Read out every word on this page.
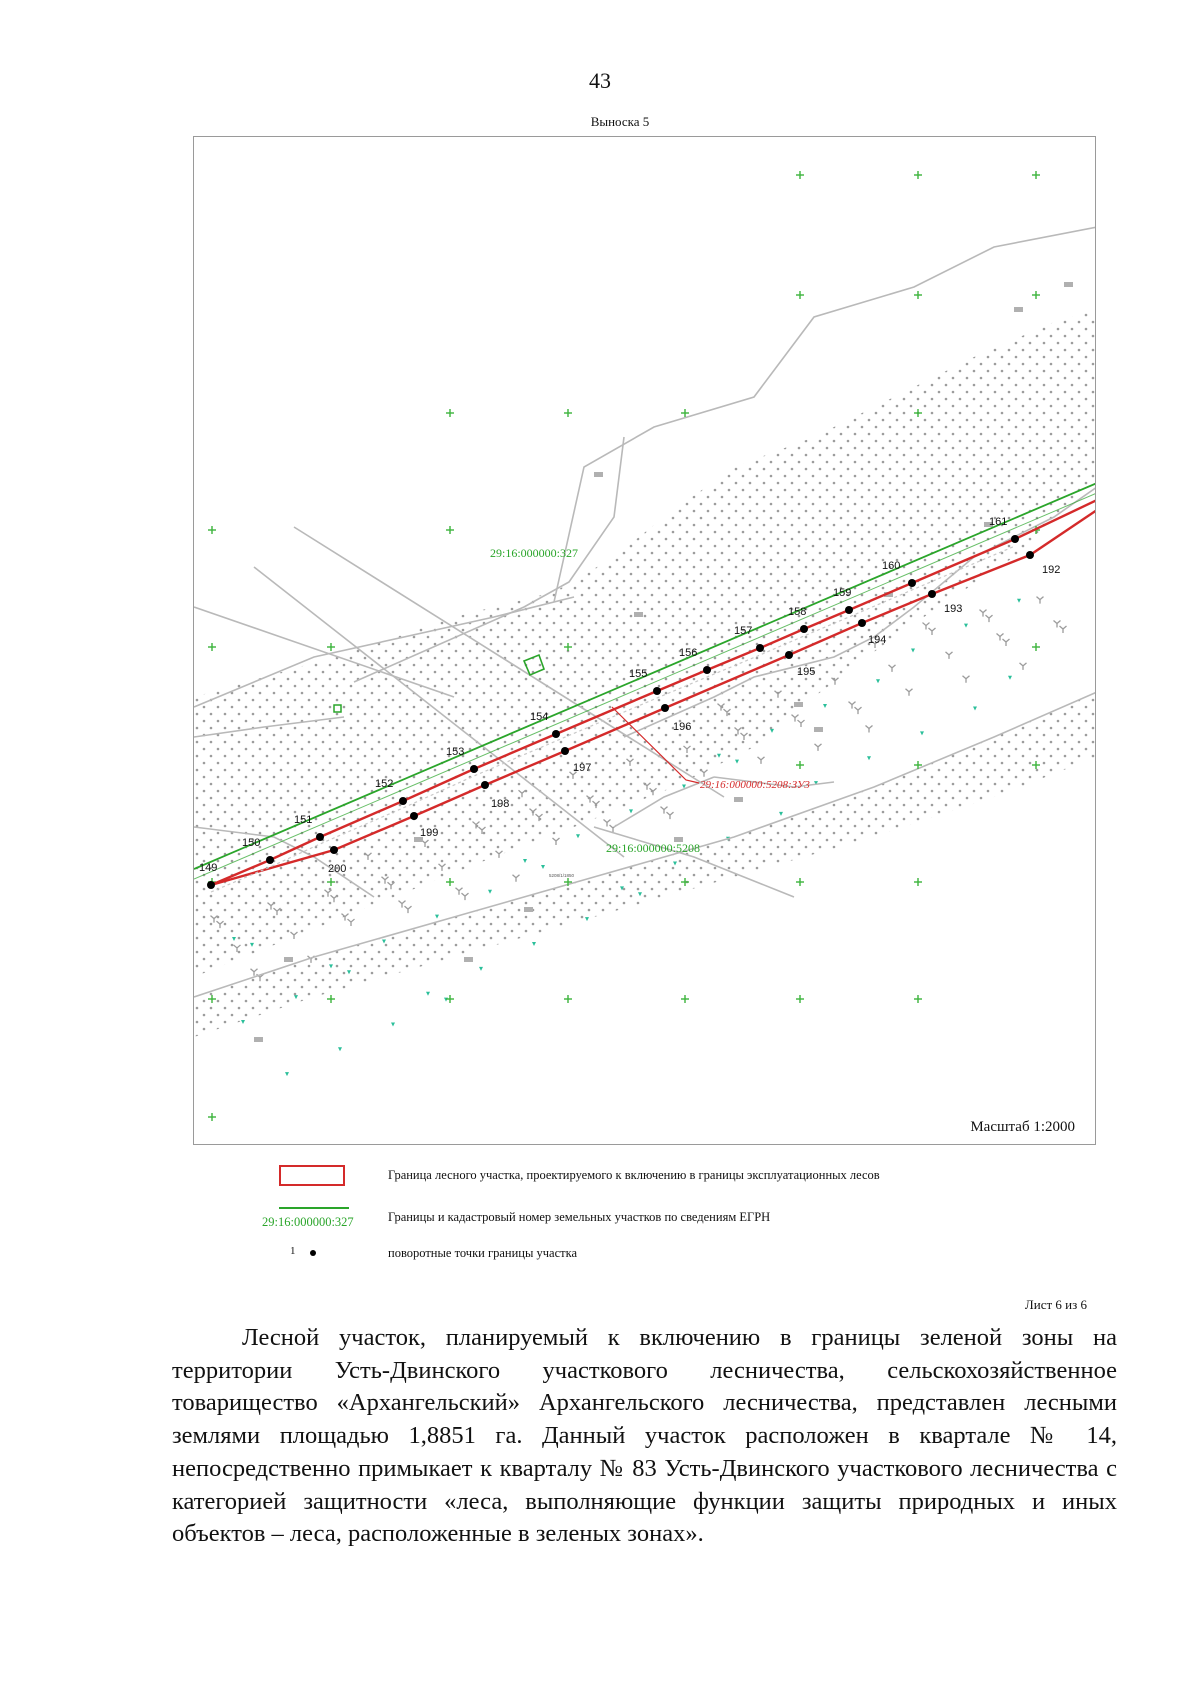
43
Выноска 5
149
150
151
152
153
154
155
156
157
158
159
160
161
192
193
194
195
196
197
198
199
200
29:16:000000:327
29:16:000000:5208
29:16:000000:5208:ЗУ3
5208/1/1850
Масштаб 1:2000
Граница лесного участка, проектируемого к включению в границы эксплуатационных лесов
29:16:000000:327	Границы и кадастровый номер земельных участков по сведениям ЕГРН
1	поворотные точки границы участка
Лист 6 из 6

Лесной участок, планируемый к включению в границы зеленой зоны на территории Усть-Двинского участкового лесничества, сельскохозяйственное товарищество «Архангельский» Архангельского лесничества, представлен лесными землями площадью 1,8851 га. Данный участок расположен в квартале № 14, непосредственно примыкает к кварталу № 83 Усть-Двинского участкового лесничества с категорией защитности «леса, выполняющие функции защиты природных и иных объектов – леса, расположенные в зеленых зонах».
